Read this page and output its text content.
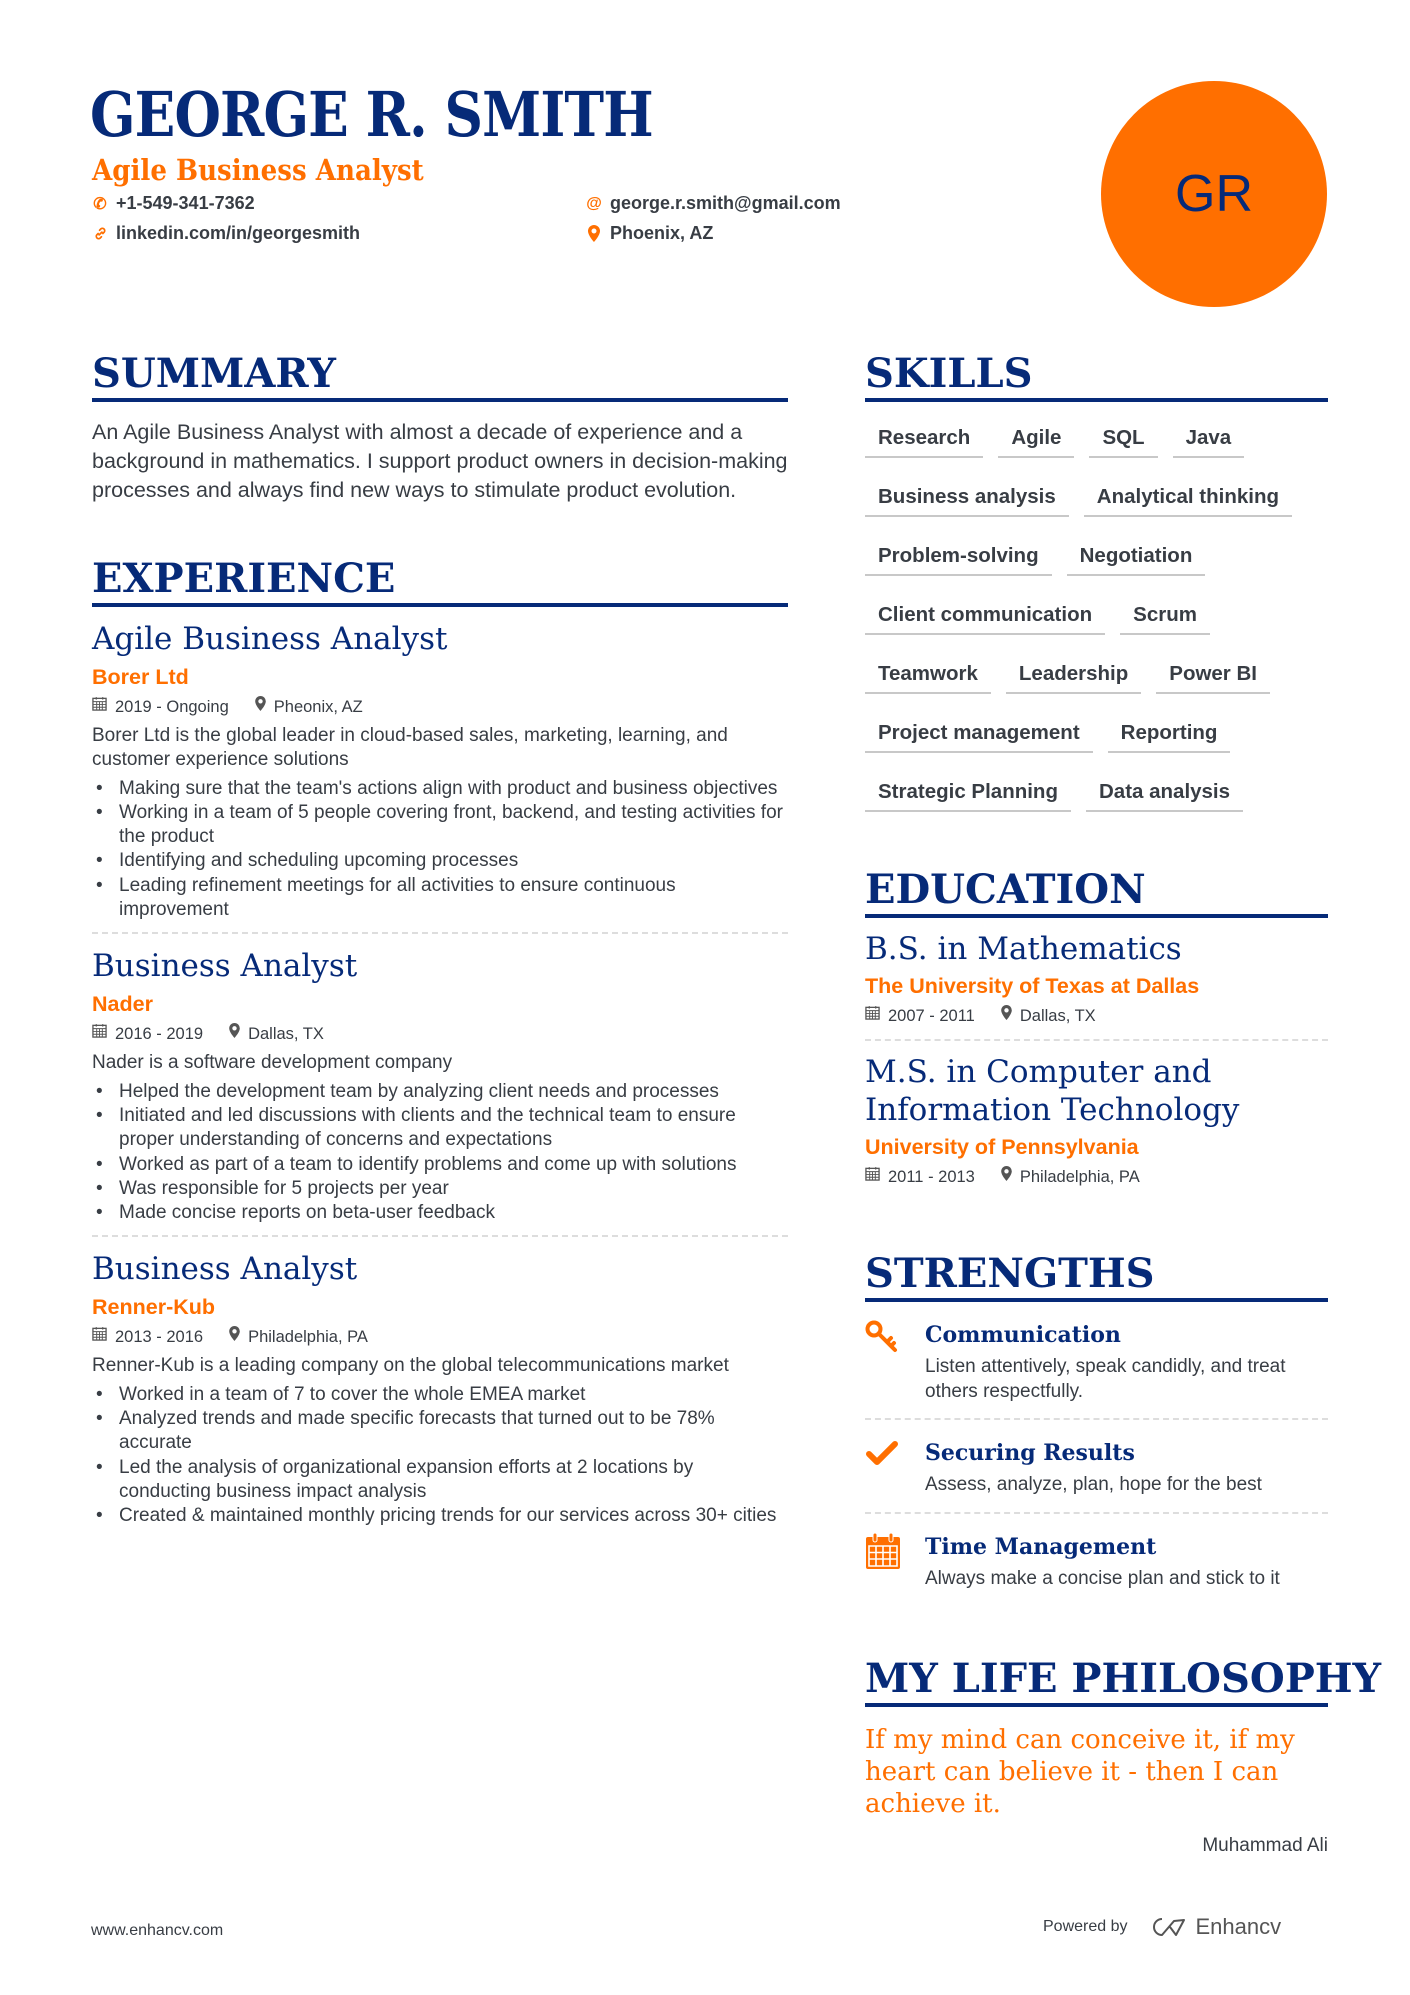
GEORGE R. SMITH
Agile Business Analyst
✆ +1-549-341-7362	@ george.r.smith@gmail.com
linkedin.com/in/georgesmith	Phoenix, AZ
GR
SUMMARY

An Agile Business Analyst with almost a decade of experience and a background in mathematics. I support product owners in decision-making processes and always find new ways to stimulate product evolution.

EXPERIENCE
Agile Business Analyst
Borer Ltd
2019 - Ongoing	Pheonix, AZ
Borer Ltd is the global leader in cloud-based sales, marketing, learning, and customer experience solutions
• Making sure that the team's actions align with product and business objectives
• Working in a team of 5 people covering front, backend, and testing activities for the product
• Identifying and scheduling upcoming processes
• Leading refinement meetings for all activities to ensure continuous improvement
Business Analyst
Nader
2016 - 2019	Dallas, TX
Nader is a software development company
• Helped the development team by analyzing client needs and processes
• Initiated and led discussions with clients and the technical team to ensure proper understanding of concerns and expectations
• Worked as part of a team to identify problems and come up with solutions
• Was responsible for 5 projects per year
• Made concise reports on beta-user feedback
Business Analyst
Renner-Kub
2013 - 2016	Philadelphia, PA
Renner-Kub is a leading company on the global telecommunications market
• Worked in a team of 7 to cover the whole EMEA market
• Analyzed trends and made specific forecasts that turned out to be 78% accurate
• Led the analysis of organizational expansion efforts at 2 locations by conducting business impact analysis
• Created & maintained monthly pricing trends for our services across 30+ cities
SKILLS
Research	Agile	SQL	Java
Business analysis	Analytical thinking
Problem-solving	Negotiation
Client communication	Scrum
Teamwork	Leadership	Power BI
Project management	Reporting
Strategic Planning	Data analysis
EDUCATION
B.S. in Mathematics
The University of Texas at Dallas
2007 - 2011	Dallas, TX
M.S. in Computer and Information Technology
University of Pennsylvania
2011 - 2013	Philadelphia, PA
STRENGTHS
Communication
Listen attentively, speak candidly, and treat others respectfully.
Securing Results
Assess, analyze, plan, hope for the best
Time Management
Always make a concise plan and stick to it
MY LIFE PHILOSOPHY

If my mind can conceive it, if my heart can believe it - then I can achieve it.

Muhammad Ali

www.enhancv.com	Powered by	Enhancv
